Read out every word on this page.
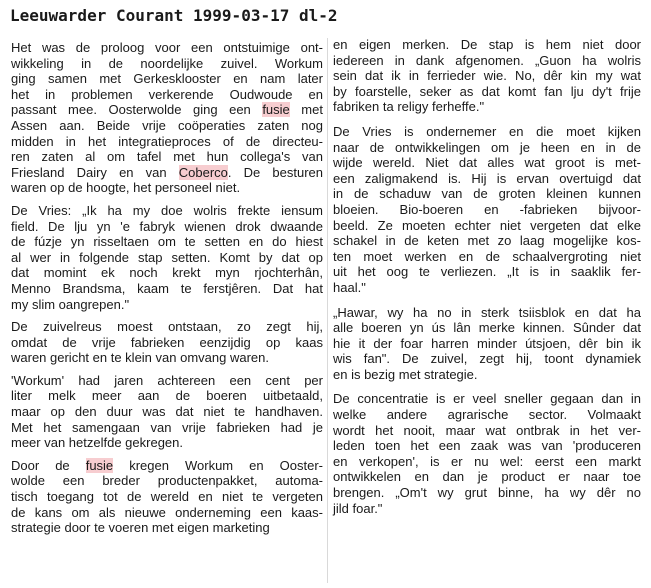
Leeuwarder Courant 1999-03-17 dl-2
Het was de proloog voor een ontstuimige ont-
wikkeling in de noordelijke zuivel. Workum
ging samen met Gerkesklooster en nam later
het in problemen verkerende Oudwoude en
passant mee. Oosterwolde ging een fusie met
Assen aan. Beide vrije coöperaties zaten nog
midden in het integratieproces of de directeu-
ren zaten al om tafel met hun collega's van
Friesland Dairy en van Coberco. De besturen
waren op de hoogte, het personeel niet.
De Vries: „Ik ha my doe wolris frekte iensum
field. De lju yn 'e fabryk wienen drok dwaande
de fúzje yn risseltaen om te setten en do hiest
al wer in folgende stap setten. Komt by dat op
dat momint ek noch krekt myn rjochterhân,
Menno Brandsma, kaam te ferstjêren. Dat hat
my slim oangrepen."
De zuivelreus moest ontstaan, zo zegt hij,
omdat de vrije fabrieken eenzijdig op kaas
waren gericht en te klein van omvang waren.
'Workum' had jaren achtereen een cent per
liter melk meer aan de boeren uitbetaald,
maar op den duur was dat niet te handhaven.
Met het samengaan van vrije fabrieken had je
meer van hetzelfde gekregen.
Door de fusie kregen Workum en Ooster-
wolde een breder productenpakket, automa-
tisch toegang tot de wereld en niet te vergeten
de kans om als nieuwe onderneming een kaas-
strategie door te voeren met eigen marketing
en eigen merken. De stap is hem niet door
iedereen in dank afgenomen. „Guon ha wolris
sein dat ik in ferrieder wie. No, dêr kin my wat
by foarstelle, seker as dat komt fan lju dy't frije
fabriken ta religy ferheffe."
De Vries is ondernemer en die moet kijken
naar de ontwikkelingen om je heen en in de
wijde wereld. Niet dat alles wat groot is met-
een zaligmakend is. Hij is ervan overtuigd dat
in de schaduw van de groten kleinen kunnen
bloeien. Bio-boeren en -fabrieken bijvoor-
beeld. Ze moeten echter niet vergeten dat elke
schakel in de keten met zo laag mogelijke kos-
ten moet werken en de schaalvergroting niet
uit het oog te verliezen. „It is in saaklik fer-
haal."
„Hawar, wy ha no in sterk tsiisblok en dat ha
alle boeren yn ús lân merke kinnen. Sûnder dat
hie it der foar harren minder útsjoen, dêr bin ik
wis fan". De zuivel, zegt hij, toont dynamiek
en is bezig met strategie.
De concentratie is er veel sneller gegaan dan in
welke andere agrarische sector. Volmaakt
wordt het nooit, maar wat ontbrak in het ver-
leden toen het een zaak was van 'produceren
en verkopen', is er nu wel: eerst een markt
ontwikkelen en dan je product er naar toe
brengen. „Om't wy grut binne, ha wy dêr no
jild foar."
